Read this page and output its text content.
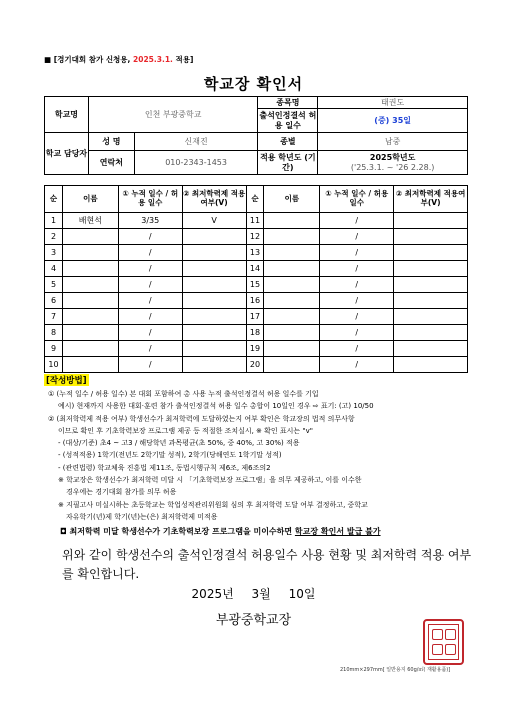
■ [경기대회 참가 신청용, 2025.3.1. 적용]
학교장 확인서
학교명	인천 부광중학교		종목명	태권도
			출석인정결석 허용 일수	(중) 35일
학교 담당자	성 명	신재진	종별	남중
	연락처	010-2343-1453	적용 학년도 (기간)	2025학년도
('25.3.1. ~ '26 2.28.)
순	이름	① 누적 일수 / 허용 일수	② 최저학력제 적용여부(V)	순	이름	① 누적 일수 / 허용 일수	② 최저학력제 적용여부(V)
1	배현석	3/35	V	11		/	
2		/		12		/	
3		/		13		/	
4		/		14		/	
5		/		15		/	
6		/		16		/	
7		/		17		/	
8		/		18		/	
9		/		19		/	
10		/		20		/	
[작성방법]
① (누적 일수 / 허용 일수) 본 대회 포함하여 총 사용 누적 출석인정결석 허용 일수를 기입
예시) 현재까지 사용한 대회·훈련 참가 출석인정결석 허용 일수 총합이 10일인 경우 ⇨ 표기: (고) 10/50
② (최저학력제 적용 여부) 학생선수가 최저학력에 도달하였는지 여부 확인은 학교장의 법적 의무사항
이므로 확인 후 기초학력보장 프로그램 제공 등 적절한 조치실시, ※ 확인 표시는 "v"
- (대상/기준) 초4 ~ 고3 / 해당학년 과목평균(초 50%, 중 40%, 고 30%) 적용
- (성적적용) 1학기(전년도 2학기말 성적), 2학기(당해연도 1학기말 성적)
- (관련법령) 학교체육 진흥법 제11조, 동법시행규칙 제6조, 제6조의2
※ 학교장은 학생선수가 최저학력 미달 시 「기초학력보장 프로그램」을 의무 제공하고, 이를 이수한
경우에는 경기대회 참가를 의무 허용
※ 지필고사 미실시하는 초등학교는 학업성적관리위원회 심의 후 최저학력 도달 여부 결정하고, 중학교
자유학기(년)제 학기(년)는(은) 최저학력제 미적용
◘ 최저학력 미달 학생선수가 기초학력보장 프로그램을 미이수하면 학교장 확인서 발급 불가
위와 같이 학생선수의 출석인정결석 허용일수 사용 현황 및 최저학력 적용 여부를 확인합니다.
2025년 3월 10일
부광중학교장
210mm×297mm[ 일반용지 60g/㎡( 재활용품)]
